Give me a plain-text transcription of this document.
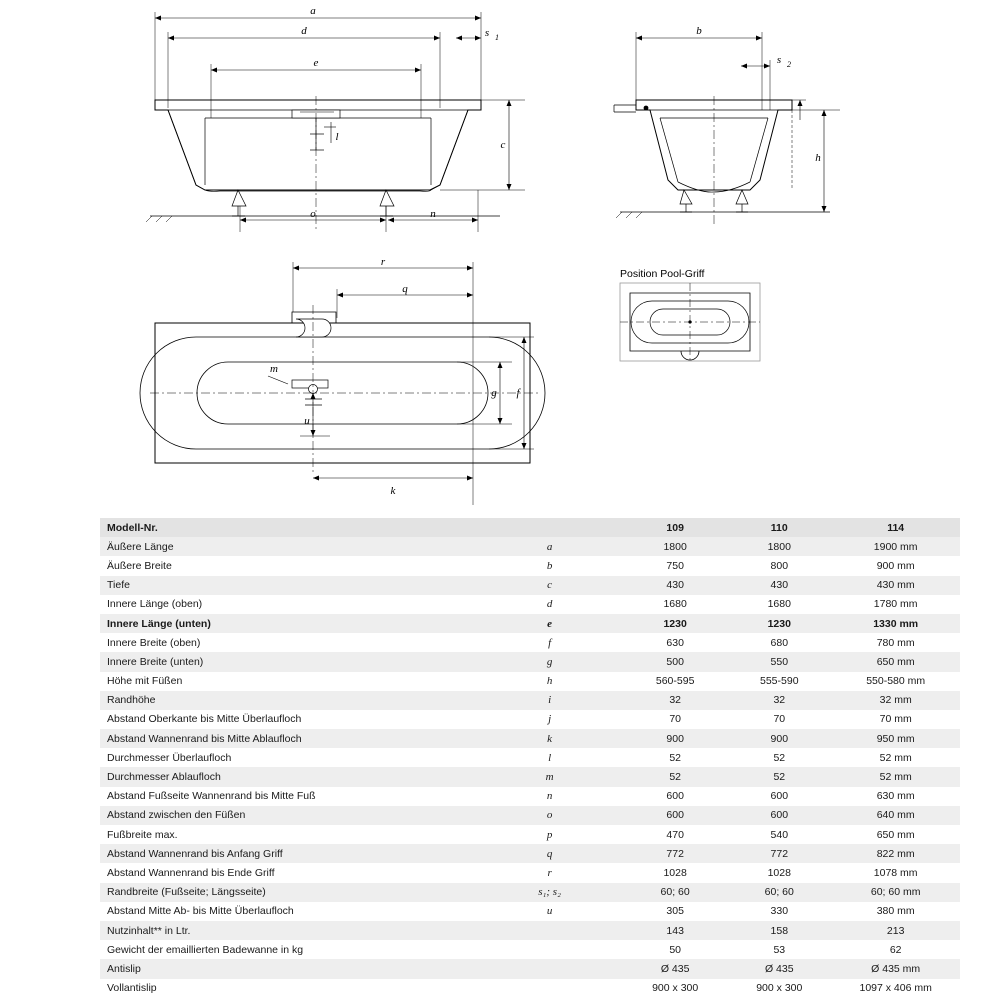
a
d
e
s 1
c
l
o	n
b
s 2
h
r
q
m
g f
u
k
Position Pool-Griff
Modell-Nr.		109	110	114
Äußere Länge	a	1800	1800	1900 mm
Äußere Breite	b	750	800	900 mm
Tiefe	c	430	430	430 mm
Innere Länge (oben)	d	1680	1680	1780 mm
Innere Länge (unten)	e	1230	1230	1330 mm
Innere Breite (oben)	f	630	680	780 mm
Innere Breite (unten)	g	500	550	650 mm
Höhe mit Füßen	h	560-595	555-590	550-580 mm
Randhöhe	i	32	32	32 mm
Abstand Oberkante bis Mitte Überlaufloch	j	70	70	70 mm
Abstand Wannenrand bis Mitte Ablaufloch	k	900	900	950 mm
Durchmesser Überlaufloch	l	52	52	52 mm
Durchmesser Ablaufloch	m	52	52	52 mm
Abstand Fußseite Wannenrand bis Mitte Fuß	n	600	600	630 mm
Abstand zwischen den Füßen	o	600	600	640 mm
Fußbreite max.	p	470	540	650 mm
Abstand Wannenrand bis Anfang Griff	q	772	772	822 mm
Abstand Wannenrand bis Ende Griff	r	1028	1028	1078 mm
Randbreite (Fußseite; Längsseite)	s₁; s₂	60; 60	60; 60	60; 60 mm
Abstand Mitte Ab- bis Mitte Überlaufloch	u	305	330	380 mm
Nutzinhalt** in Ltr.		143	158	213
Gewicht der emaillierten Badewanne in kg		50	53	62
Antislip		Ø 435	Ø 435	Ø 435 mm
Vollantislip		900 x 300	900 x 300	1097 x 406 mm
